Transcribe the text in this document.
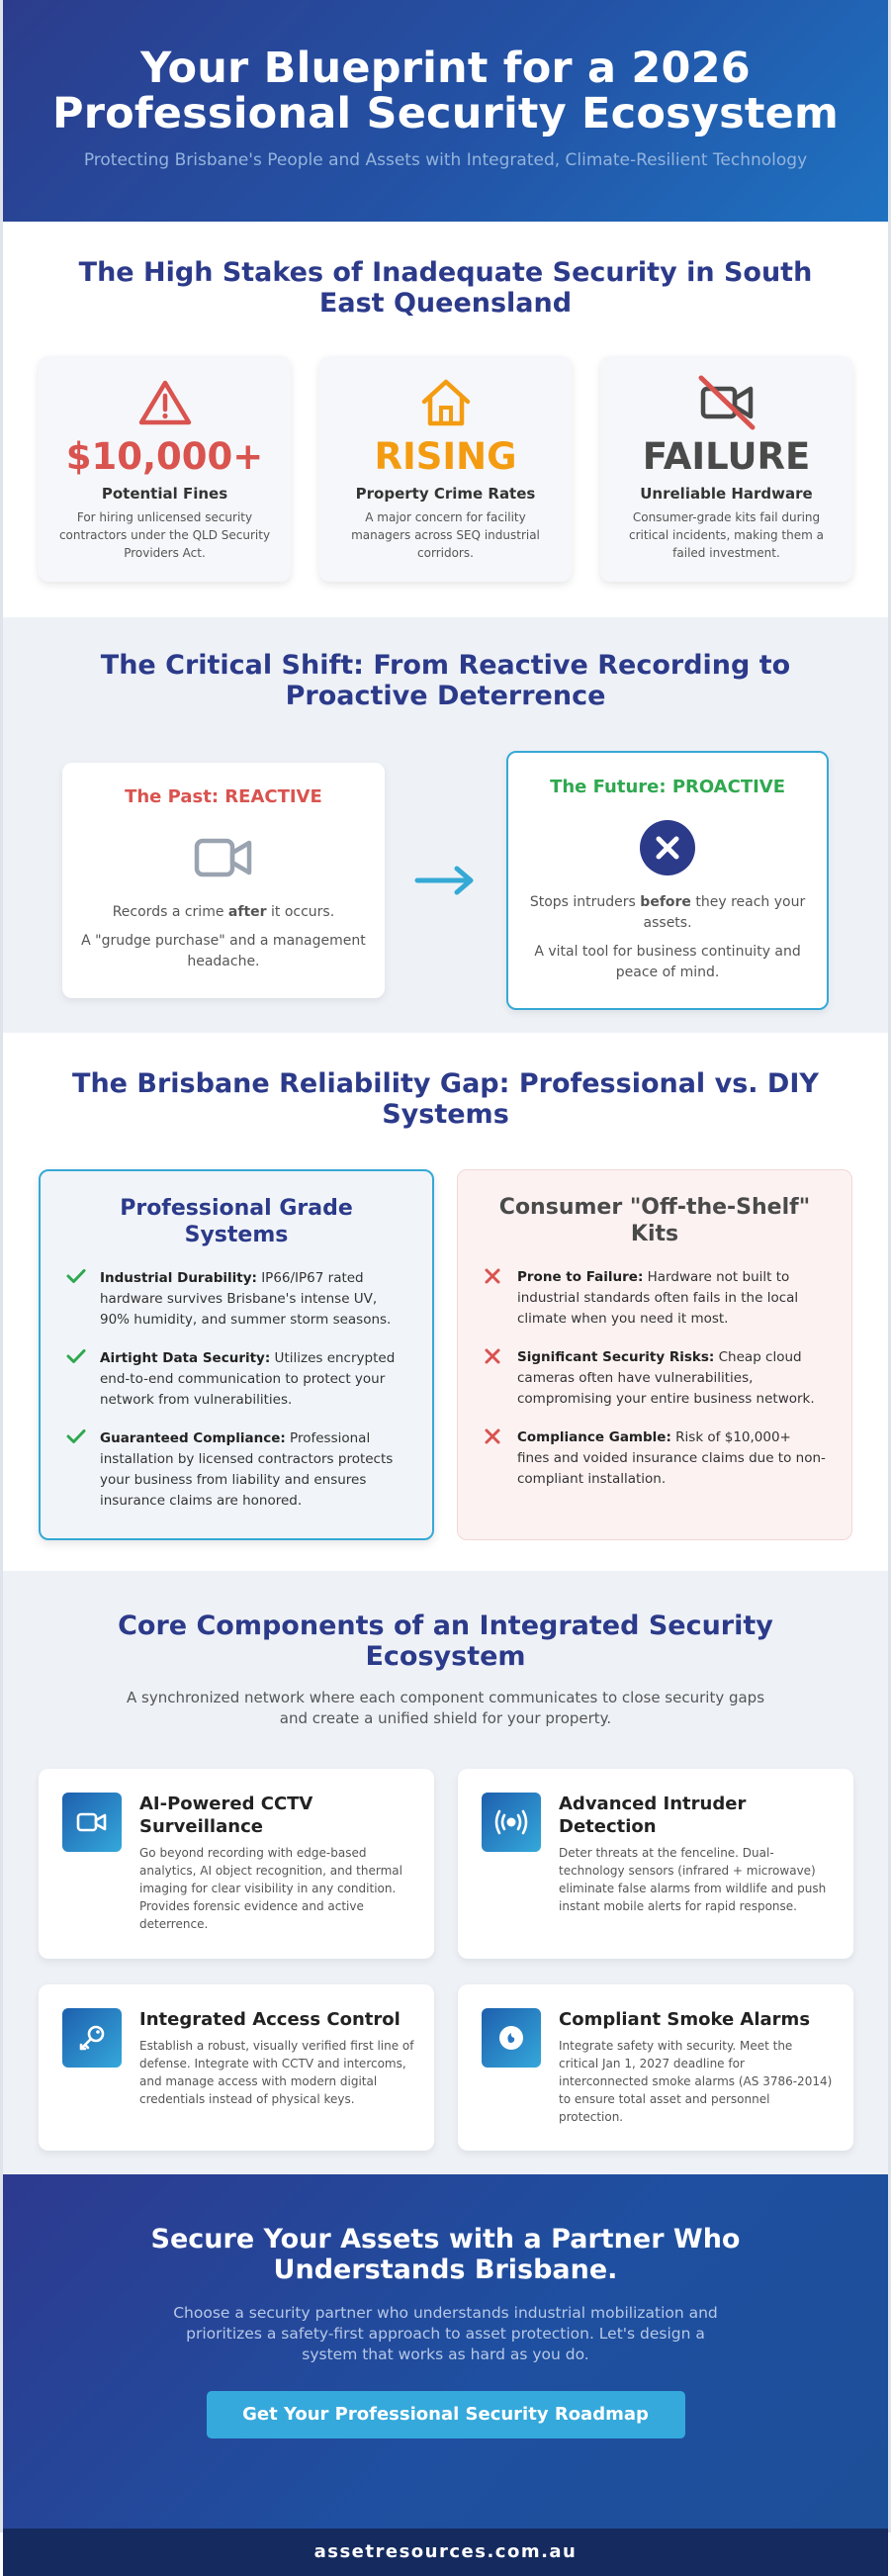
Your Blueprint for a 2026
Professional Security Ecosystem

Protecting Brisbane's People and Assets with Integrated, Climate-Resilient Technology

The High Stakes of Inadequate Security in South East Queensland
$10,000+
Potential Fines
For hiring unlicensed security contractors under the QLD Security Providers Act.
RISING
Property Crime Rates
A major concern for facility managers across SEQ industrial corridors.
FAILURE
Unreliable Hardware
Consumer-grade kits fail during critical incidents, making them a failed investment.
The Critical Shift: From Reactive Recording to Proactive Deterrence
The Past: REACTIVE
Records a crime after it occurs.
A "grudge purchase" and a management headache.
The Future: PROACTIVE
Stops intruders before they reach your assets.
A vital tool for business continuity and peace of mind.
The Brisbane Reliability Gap: Professional vs. DIY Systems
Professional Grade Systems
Industrial Durability: IP66/IP67 rated hardware survives Brisbane's intense UV, 90% humidity, and summer storm seasons.
Airtight Data Security: Utilizes encrypted end-to-end communication to protect your network from vulnerabilities.
Guaranteed Compliance: Professional installation by licensed contractors protects your business from liability and ensures insurance claims are honored.
Consumer "Off-the-Shelf" Kits
Prone to Failure: Hardware not built to industrial standards often fails in the local climate when you need it most.
Significant Security Risks: Cheap cloud cameras often have vulnerabilities, compromising your entire business network.
Compliance Gamble: Risk of $10,000+ fines and voided insurance claims due to non-compliant installation.
Core Components of an Integrated Security Ecosystem

A synchronized network where each component communicates to close security gaps and create a unified shield for your property.

AI-Powered CCTV Surveillance
Go beyond recording with edge-based analytics, AI object recognition, and thermal imaging for clear visibility in any condition. Provides forensic evidence and active deterrence.
Advanced Intruder Detection
Deter threats at the fenceline. Dual-technology sensors (infrared + microwave) eliminate false alarms from wildlife and push instant mobile alerts for rapid response.
Integrated Access Control
Establish a robust, visually verified first line of defense. Integrate with CCTV and intercoms, and manage access with modern digital credentials instead of physical keys.
Compliant Smoke Alarms
Integrate safety with security. Meet the critical Jan 1, 2027 deadline for interconnected smoke alarms (AS 3786-2014) to ensure total asset and personnel protection.
Secure Your Assets with a Partner Who
Understands Brisbane.

Choose a security partner who understands industrial mobilization and prioritizes a safety-first approach to asset protection. Let's design a system that works as hard as you do.

Get Your Professional Security Roadmap
assetresources.com.au
